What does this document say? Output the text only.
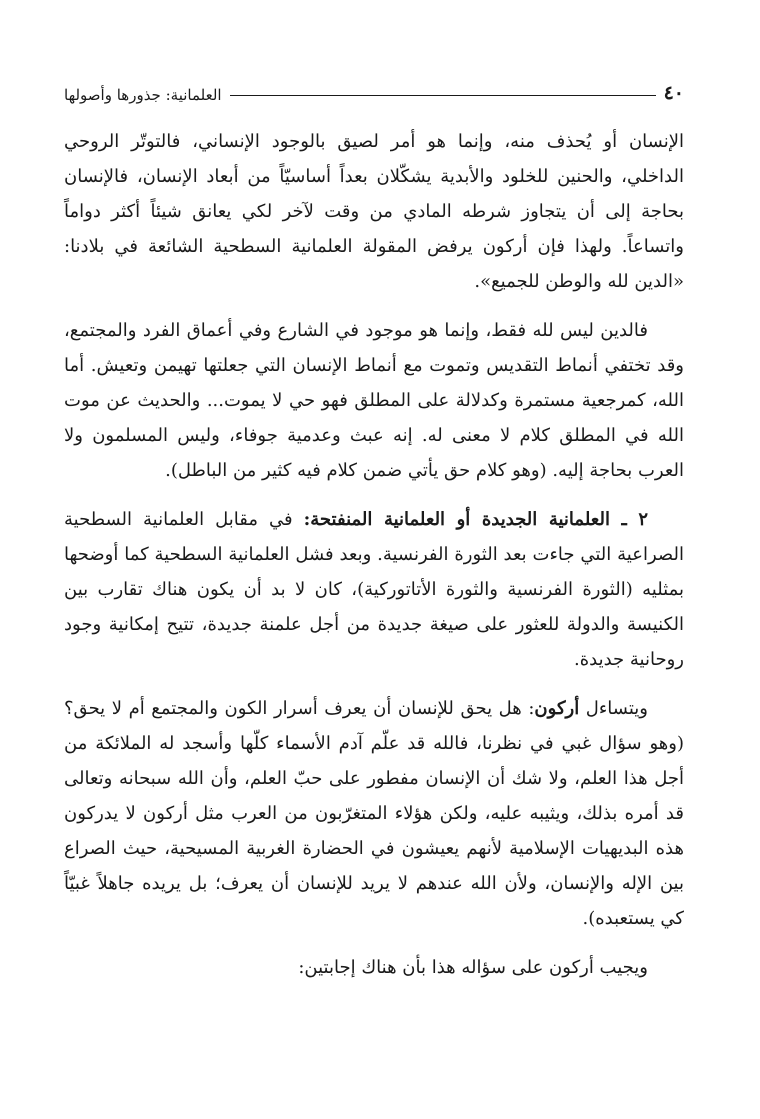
٤٠
العلمانية: جذورها وأصولها

الإنسان أو يُحذف منه، وإنما هو أمر لصيق بالوجود الإنساني، فالتوتّر الروحي الداخلي، والحنين للخلود والأبدية يشكّلان بعداً أساسيّاً من أبعاد الإنسان، فالإنسان بحاجة إلى أن يتجاوز شرطه المادي من وقت لآخر لكي يعانق شيئاً أكثر دواماً واتساعاً. ولهذا فإن أركون يرفض المقولة العلمانية السطحية الشائعة في بلادنا: «الدين لله والوطن للجميع».

فالدين ليس لله فقط، وإنما هو موجود في الشارع وفي أعماق الفرد والمجتمع، وقد تختفي أنماط التقديس وتموت مع أنماط الإنسان التي جعلتها تهيمن وتعيش. أما الله، كمرجعية مستمرة وكدلالة على المطلق فهو حي لا يموت... والحديث عن موت الله في المطلق كلام لا معنى له. إنه عبث وعدمية جوفاء، وليس المسلمون ولا العرب بحاجة إليه. (وهو كلام حق يأتي ضمن كلام فيه كثير من الباطل).

٢ ـ العلمانية الجديدة أو العلمانية المنفتحة: في مقابل العلمانية السطحية الصراعية التي جاءت بعد الثورة الفرنسية. وبعد فشل العلمانية السطحية كما أوضحها بمثليه (الثورة الفرنسية والثورة الأتاتوركية)، كان لا بد أن يكون هناك تقارب بين الكنيسة والدولة للعثور على صيغة جديدة من أجل علمنة جديدة، تتيح إمكانية وجود روحانية جديدة.

ويتساءل أركون: هل يحق للإنسان أن يعرف أسرار الكون والمجتمع أم لا يحق؟ (وهو سؤال غبي في نظرنا، فالله قد علّم آدم الأسماء كلّها وأسجد له الملائكة من أجل هذا العلم، ولا شك أن الإنسان مفطور على حبّ العلم، وأن الله سبحانه وتعالى قد أمره بذلك، ويثيبه عليه، ولكن هؤلاء المتغرّبون من العرب مثل أركون لا يدركون هذه البديهيات الإسلامية لأنهم يعيشون في الحضارة الغربية المسيحية، حيث الصراع بين الإله والإنسان، ولأن الله عندهم لا يريد للإنسان أن يعرف؛ بل يريده جاهلاً غبيّاً كي يستعبده).

ويجيب أركون على سؤاله هذا بأن هناك إجابتين:
